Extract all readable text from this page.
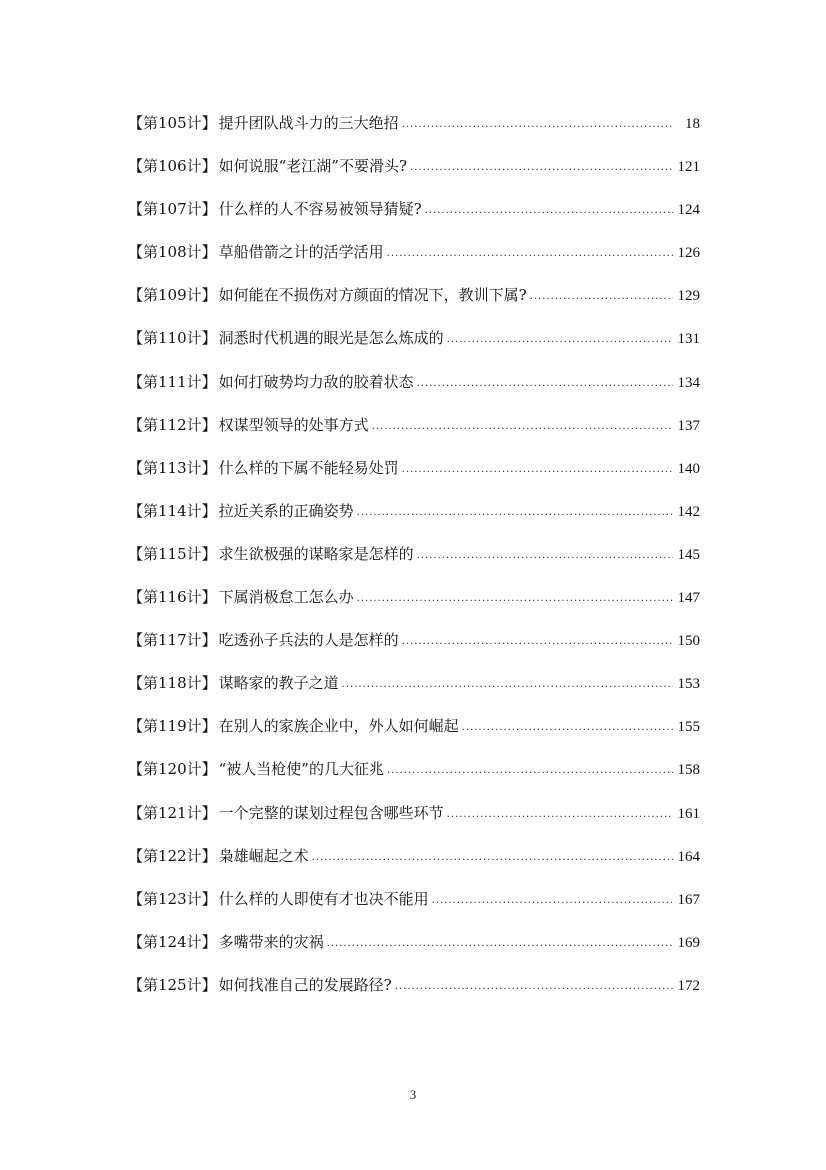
【第105计】 提升团队战斗力的三大绝招 .....	18
【第106计】 如何说服“老江湖”不要滑头? .....	121
【第107计】 什么样的人不容易被领导猜疑? .....	124
【第108计】 草船借箭之计的活学活用 .....	126
【第109计】 如何能在不损伤对方颜面的情况下，教训下属? .....	129
【第110计】 洞悉时代机遇的眼光是怎么炼成的 .....	131
【第111计】 如何打破势均力敌的胶着状态 .....	134
【第112计】 权谋型领导的处事方式 .....	137
【第113计】 什么样的下属不能轻易处罚 .....	140
【第114计】 拉近关系的正确姿势 .....	142
【第115计】 求生欲极强的谋略家是怎样的 .....	145
【第116计】 下属消极怠工怎么办 .....	147
【第117计】 吃透孙子兵法的人是怎样的 .....	150
【第118计】 谋略家的教子之道 .....	153
【第119计】 在别人的家族企业中，外人如何崛起 .....	155
【第120计】 “被人当枪使”的几大征兆 .....	158
【第121计】 一个完整的谋划过程包含哪些环节 .....	161
【第122计】 枭雄崛起之术 .....	164
【第123计】 什么样的人即使有才也决不能用 .....	167
【第124计】 多嘴带来的灾祸 .....	169
【第125计】 如何找准自己的发展路径? .....	172
3
